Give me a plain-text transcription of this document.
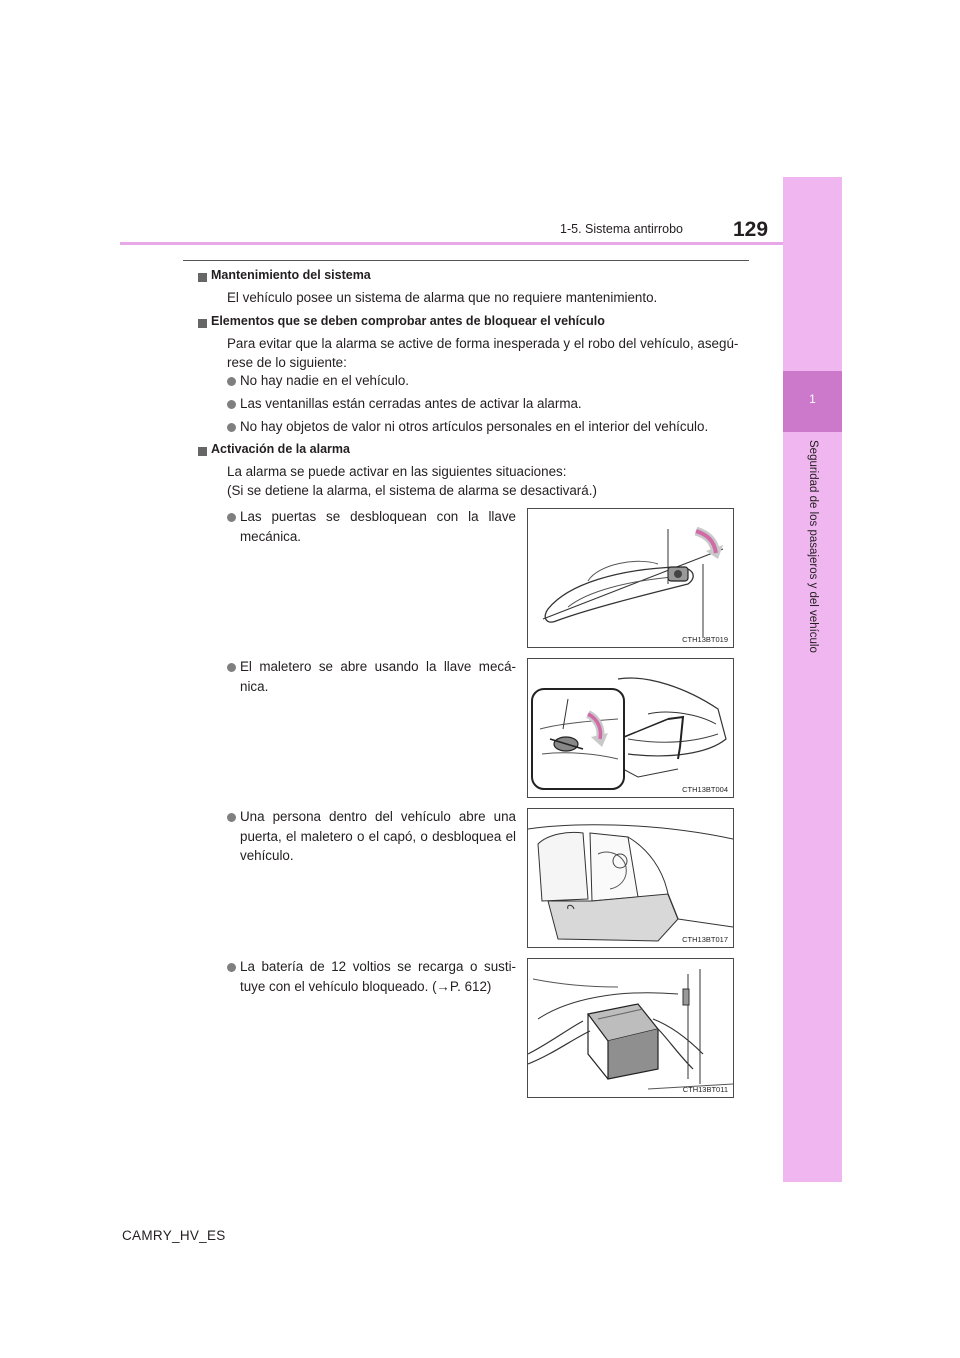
129
1-5. Sistema antirrobo
1
Seguridad de los pasajeros y del vehículo
Mantenimiento del sistema
El vehículo posee un sistema de alarma que no requiere mantenimiento.
Elementos que se deben comprobar antes de bloquear el vehículo
Para evitar que la alarma se active de forma inesperada y el robo del vehículo, asegú-
rese de lo siguiente:
No hay nadie en el vehículo.
Las ventanillas están cerradas antes de activar la alarma.
No hay objetos de valor ni otros artículos personales en el interior del vehículo.
Activación de la alarma
La alarma se puede activar en las siguientes situaciones:
(Si se detiene la alarma, el sistema de alarma se desactivará.)
Las puertas se desbloquean con la llave mecánica.
CTH13BT019
El maletero se abre usando la llave mecá-nica.
CTH13BT004
Una persona dentro del vehículo abre una puerta, el maletero o el capó, o desbloquea el vehículo.
CTH13BT017
La batería de 12 voltios se recarga o susti-tuye con el vehículo bloqueado. (→P. 612)
CTH13BT011
CAMRY_HV_ES
